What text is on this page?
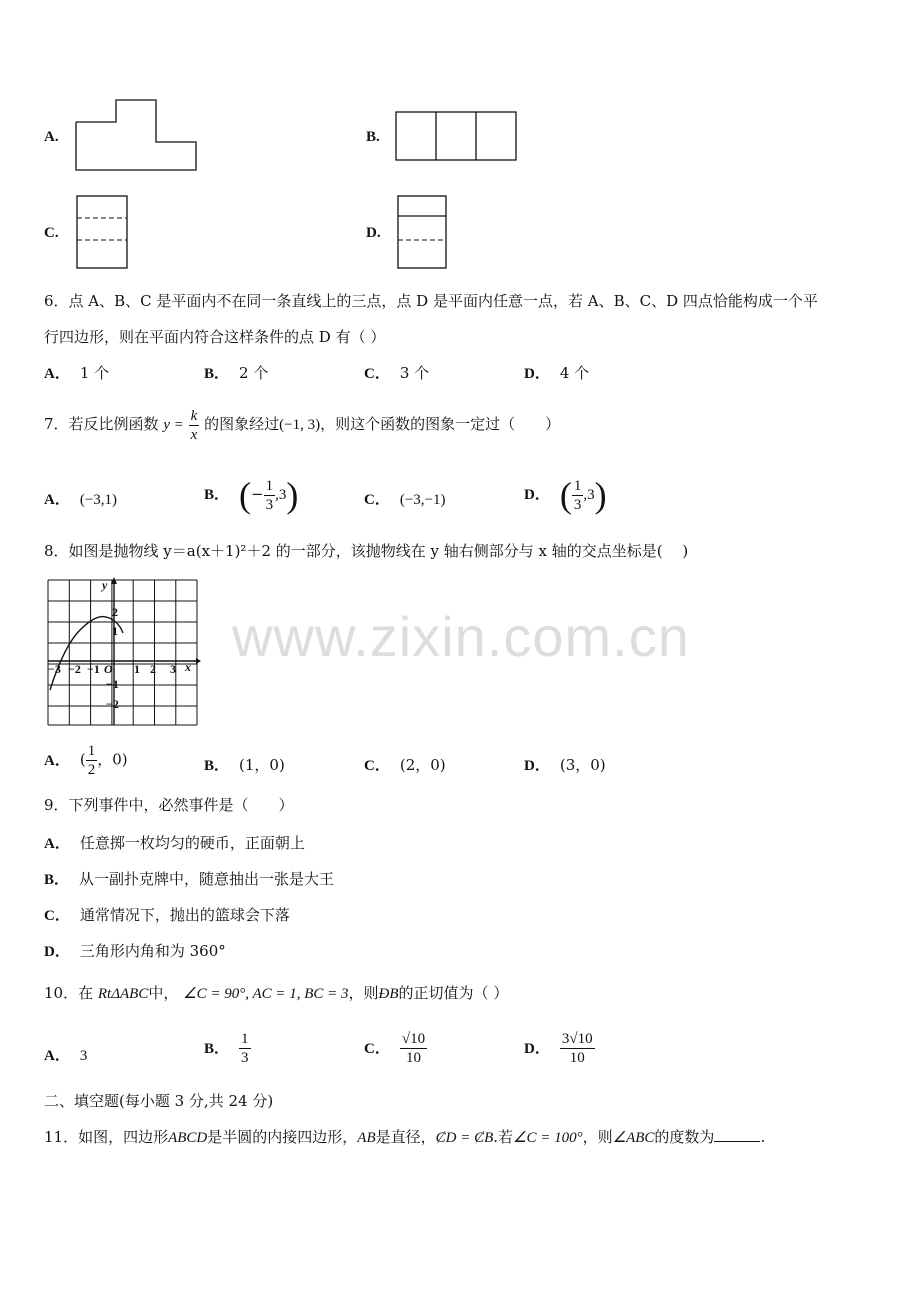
A.	B.
C.	D.
6．点 A、B、C 是平面内不在同一条直线上的三点，点 D 是平面内任意一点，若 A、B、C、D 四点恰能构成一个平
行四边形，则在平面内符合这样条件的点 D 有（ ）
A． 1 个	B． 2 个	C． 3 个	D． 4 个
7．若反比例函数 $y = \frac{k}{x}$ 的图象经过(−1, 3)，则这个函数的图象一定过（　　）
A． (−3,1)	B． (− $\frac{1}{3} ,3$)	C． (−3,−1)	D． ( $\frac{1}{3} ,3$)
8．如图是抛物线 y＝a(x＋1)²＋2 的一部分，该抛物线在 y 轴右侧部分与 x 轴的交点坐标是(　 )
y
x
O
−3 −2 −1	1 2 3
2
1
−1
−2
www.zixin.com.cn
A． ( $\frac{1}{2}$ ，0)	B． (1，0)	C． (2，0)	D． (3，0)
9．下列事件中，必然事件是（　　）
A． 任意掷一枚均匀的硬币，正面朝上
B． 从一副扑克牌中，随意抽出一张是大王
C． 通常情况下，抛出的篮球会下落
D． 三角形内角和为 360°
10．在 RtΔABC中， ∠C = 90°, AC = 1, BC = 3，则ÐB的正切值为（ ）
A． 3	B． $\frac{1}{3}$	C． $\frac{√10}{10}$	D． $\frac{3√10}{10}$
二、填空题(每小题 3 分,共 24 分)
11．如图，四边形ABCD是半圆的内接四边形，AB是直径，ȻD = ȻB.若∠C = 100°，则∠ABC的度数为	.
